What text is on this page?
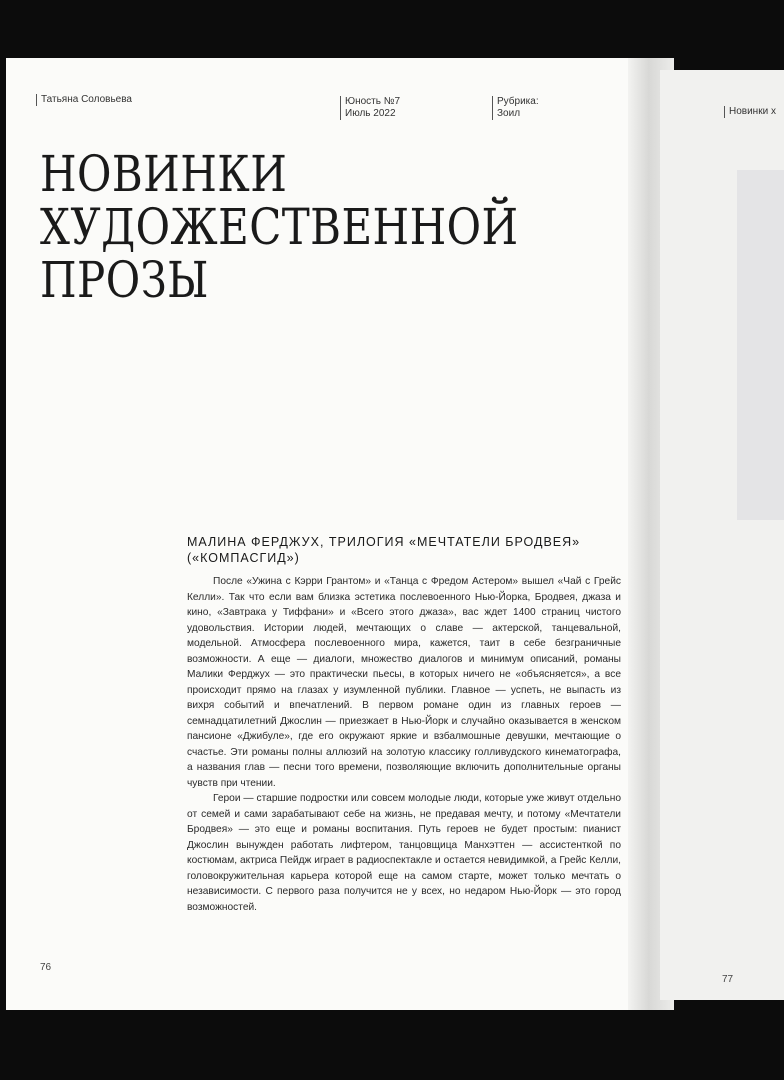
Татьяна Соловьева	Юность №7
Июль 2022
Рубрика:
Зоил	Новинки х
НОВИНКИ
ХУДОЖЕСТВЕННОЙ
ПРОЗЫ
МАЛИНА ФЕРДЖУХ, ТРИЛОГИЯ «МЕЧТАТЕЛИ БРОДВЕЯ»
(«КОМПАСГИД»)

После «Ужина с Кэрри Грантом» и «Танца с Фредом Астером» вышел «Чай с Грейс Келли». Так что если вам близка эстетика послевоенного Нью-Йорка, Бродвея, джаза и кино, «Завтрака у Тиффани» и «Всего этого джаза», вас ждет 1400 страниц чистого удовольствия. Истории людей, мечтающих о славе — актерской, танцевальной, модельной. Атмосфера послевоенного мира, кажется, таит в себе безграничные возможности. А еще — диалоги, множество диалогов и минимум описаний, романы Малики Ферджух — это практически пьесы, в которых ничего не «объясняется», а все происходит прямо на глазах у изумленной публики. Главное — успеть, не выпасть из вихря событий и впечатлений. В первом романе один из главных героев — семнадцатилетний Джослин — приезжает в Нью-Йорк и случайно оказывается в женском пансионе «Джибуле», где его окружают яркие и взбалмошные девушки, мечтающие о счастье. Эти романы полны аллюзий на золотую классику голливудского кинематографа, а названия глав — песни того времени, позволяющие включить дополнительные органы чувств при чтении.

Герои — старшие подростки или совсем молодые люди, которые уже живут отдельно от семей и сами зарабатывают себе на жизнь, не предавая мечту, и потому «Мечтатели Бродвея» — это еще и романы воспитания. Путь героев не будет простым: пианист Джослин вынужден работать лифтером, танцовщица Манхэттен — ассистенткой по костюмам, актриса Пейдж играет в радиоспектакле и остается невидимкой, а Грейс Келли, головокружительная карьера которой еще на самом старте, может только мечтать о независимости. С первого раза получится не у всех, но недаром Нью-Йорк — это город возможностей.

76
77
